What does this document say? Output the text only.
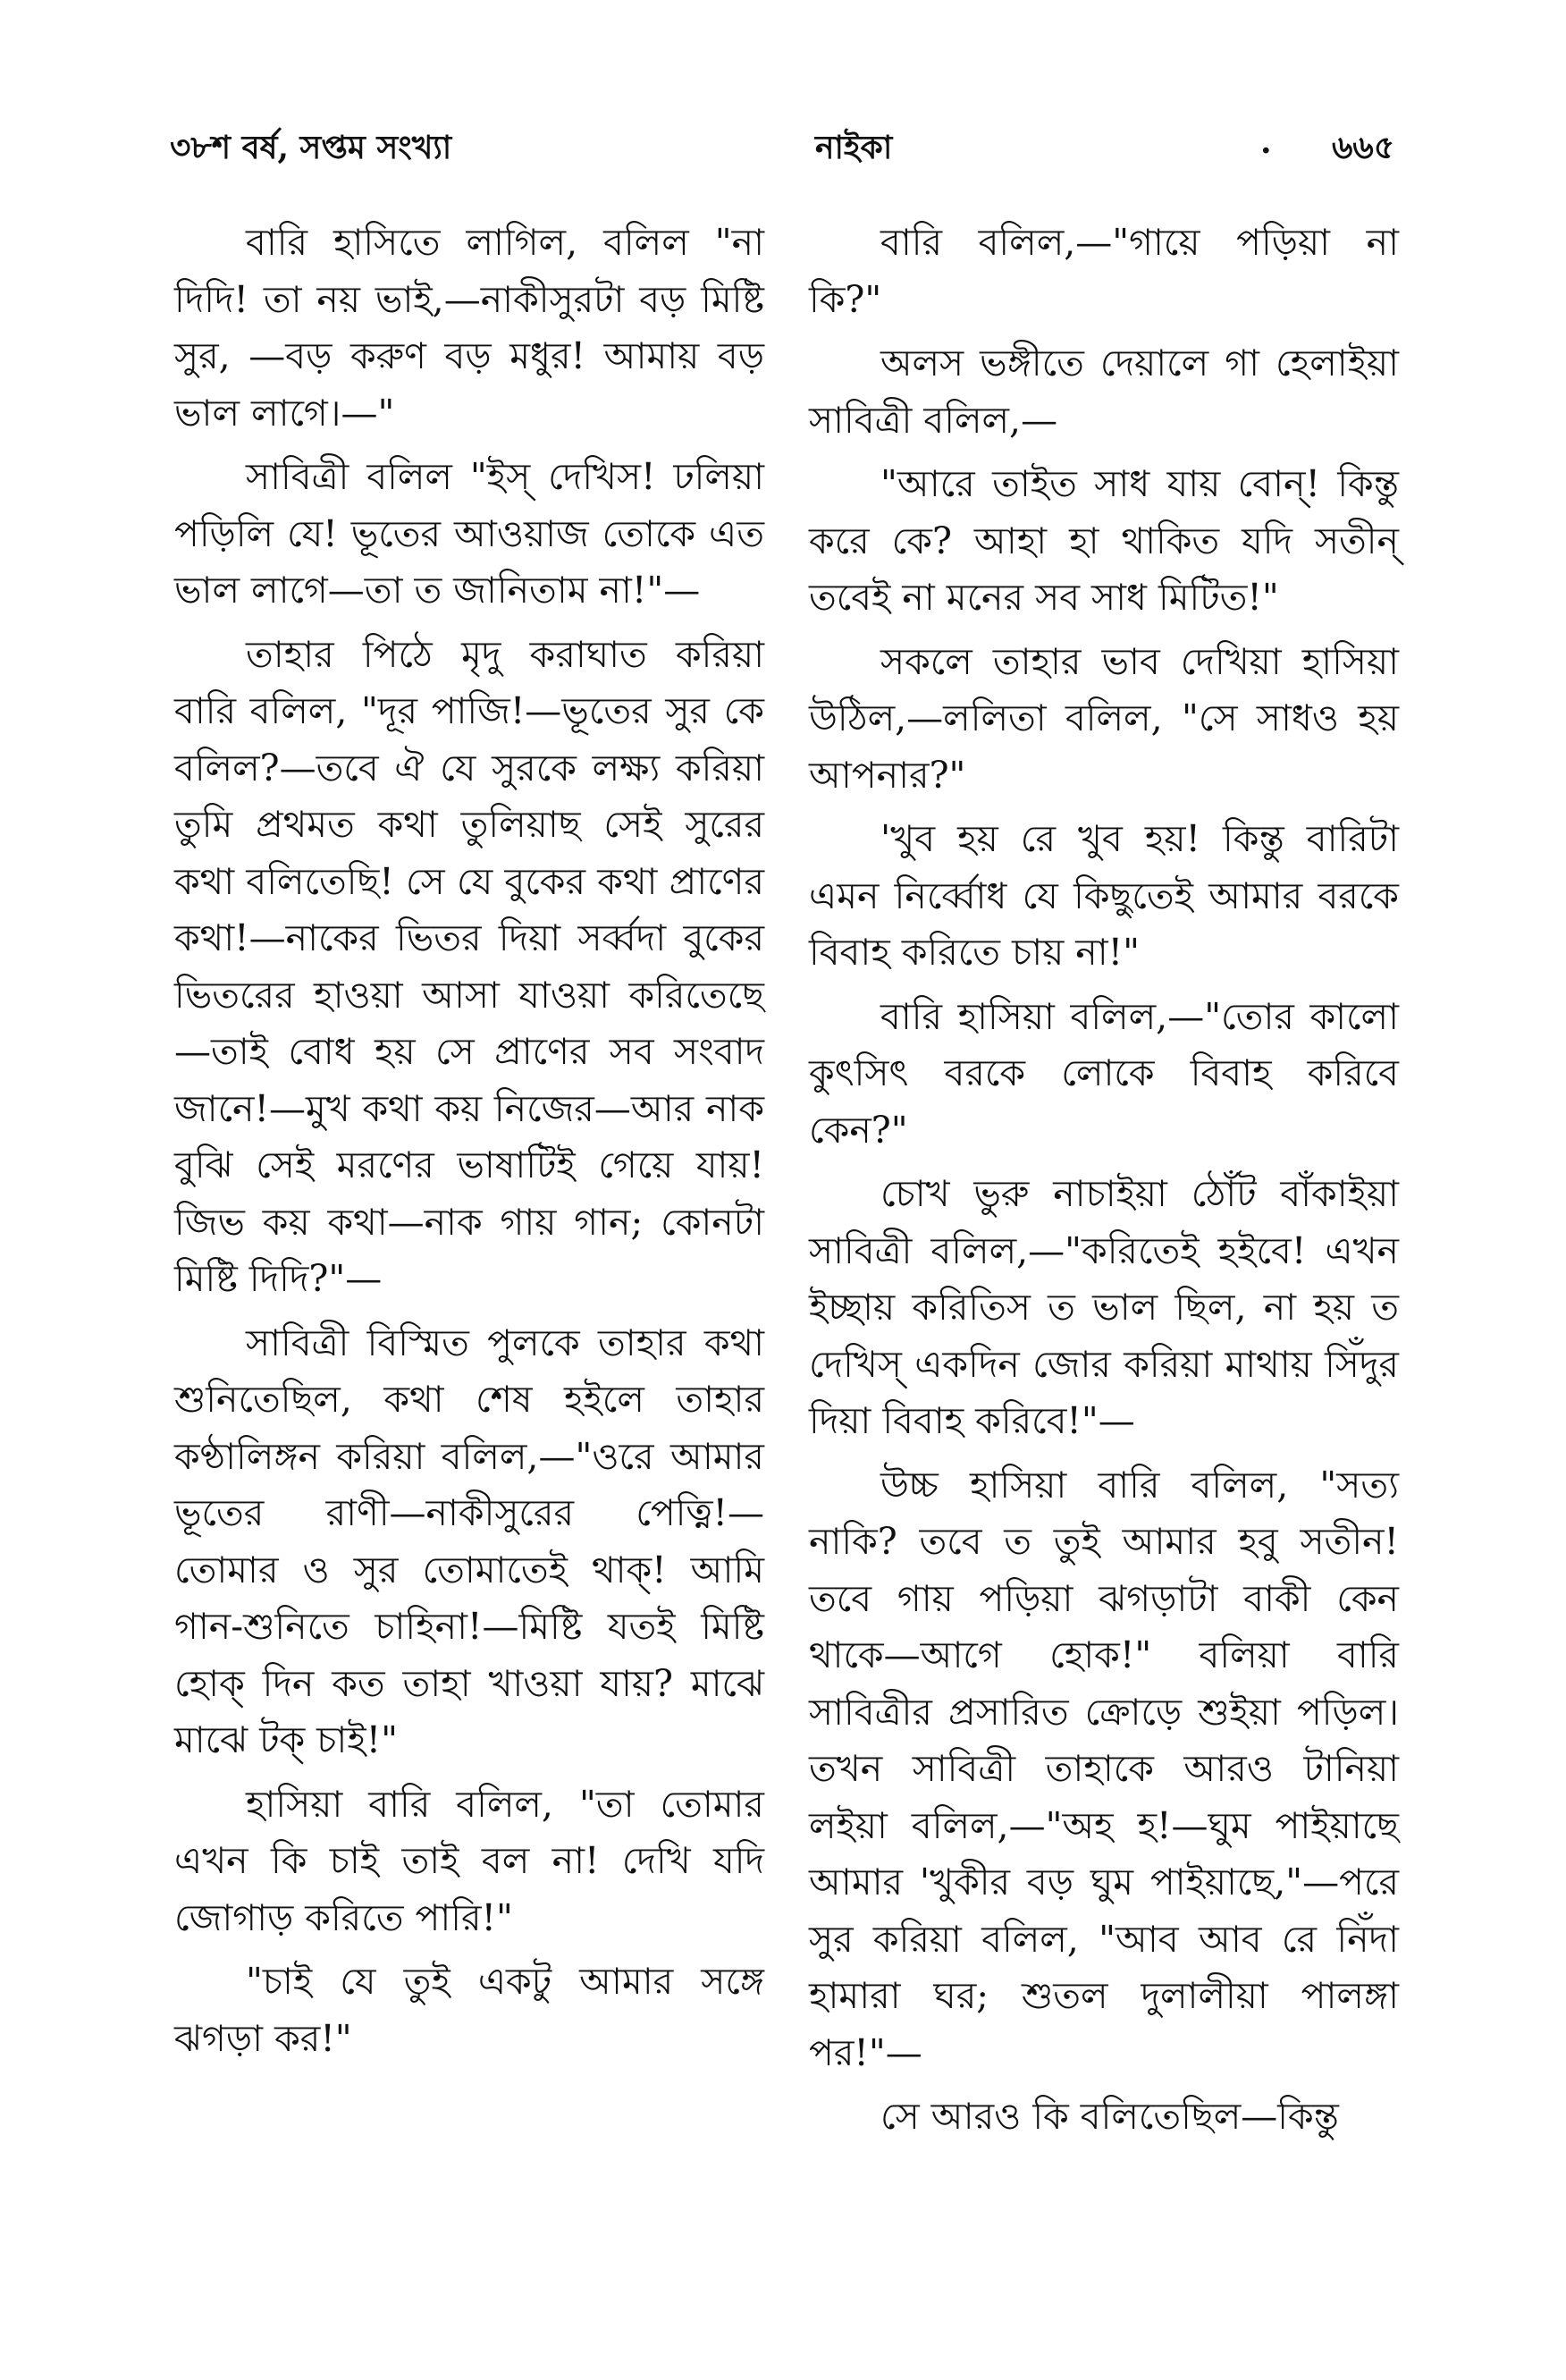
৩৮শ বর্ষ, সপ্তম সংখ্যা	নাইকা	. ৬৬৫

বারি হাসিতে লাগিল, বলিল "না দিদি! তা নয় ভাই,—নাকীসুরটা বড় মিষ্টি সুর, —বড় করুণ বড় মধুর! আমায় বড় ভাল লাগে।—"

সাবিত্রী বলিল "ইস্‌ দেখিস! ঢলিয়া পড়িলি যে! ভূতের আওয়াজ তোকে এত ভাল লাগে—তা ত জানিতাম না!"—

তাহার পিঠে মৃদু করাঘাত করিয়া বারি বলিল, "দূর পাজি!—ভূতের সুর কে বলিল?—তবে ঐ যে সুরকে লক্ষ্য করিয়া তুমি প্রথমত কথা তুলিয়াছ সেই সুরের কথা বলিতেছি! সে যে বুকের কথা প্রাণের কথা!—নাকের ভিতর দিয়া সর্ব্বদা বুকের ভিতরের হাওয়া আসা যাওয়া করিতেছে—তাই বোধ হয় সে প্রাণের সব সংবাদ জানে!—মুখ কথা কয় নিজের—আর নাক বুঝি সেই মরণের ভাষাটিই গেয়ে যায়! জিভ কয় কথা—নাক গায় গান; কোনটা মিষ্টি দিদি?"—

সাবিত্রী বিস্মিত পুলকে তাহার কথা শুনিতেছিল, কথা শেষ হইলে তাহার কণ্ঠালিঙ্গন করিয়া বলিল,—"ওরে আমার ভূতের রাণী—নাকীসুরের পেত্নি!—তোমার ও সুর তোমাতেই থাক্‌! আমি গান-শুনিতে চাহিনা!—মিষ্টি যতই মিষ্টি হোক্‌ দিন কত তাহা খাওয়া যায়? মাঝে মাঝে টক্‌ চাই!"

হাসিয়া বারি বলিল, "তা তোমার এখন কি চাই তাই বল না! দেখি যদি জোগাড় করিতে পারি!"

"চাই যে তুই একটু আমার সঙ্গে ঝগড়া কর!"

বারি বলিল,—"গায়ে পড়িয়া না কি?"

অলস ভঙ্গীতে দেয়ালে গা হেলাইয়া সাবিত্রী বলিল,—

"আরে তাইত সাধ যায় বোন্‌! কিন্তু করে কে? আহা হা থাকিত যদি সতীন্‌ তবেই না মনের সব সাধ মিটিত!"

সকলে তাহার ভাব দেখিয়া হাসিয়া উঠিল,—ললিতা বলিল, "সে সাধও হয় আপনার?"

'খুব হয় রে খুব হয়! কিন্তু বারিটা এমন নির্ব্বোধ যে কিছুতেই আমার বরকে বিবাহ করিতে চায় না!"

বারি হাসিয়া বলিল,—"তোর কালো কুৎসিৎ বরকে লোকে বিবাহ করিবে কেন?"

চোখ ভুরু নাচাইয়া ঠোঁট বাঁকাইয়া সাবিত্রী বলিল,—"করিতেই হইবে! এখন ইচ্ছায় করিতিস ত ভাল ছিল, না হয় ত দেখিস্‌ একদিন জোর করিয়া মাথায় সিঁদুর দিয়া বিবাহ করিবে!"—

উচ্চ হাসিয়া বারি বলিল, "সত্য নাকি? তবে ত তুই আমার হবু সতীন! তবে গায় পড়িয়া ঝগড়াটা বাকী কেন থাকে—আগে হোক!" বলিয়া বারি সাবিত্রীর প্রসারিত ক্রোড়ে শুইয়া পড়িল। তখন সাবিত্রী তাহাকে আরও টানিয়া লইয়া বলিল,—"অহ হ!—ঘুম পাইয়াছে আমার 'খুকীর বড় ঘুম পাইয়াছে,"—পরে সুর করিয়া বলিল, "আব আব রে নিঁদা হামারা ঘর; শুতল দুলালীয়া পালঙ্গা পর!"—

সে আরও কি বলিতেছিল—কিন্তু
